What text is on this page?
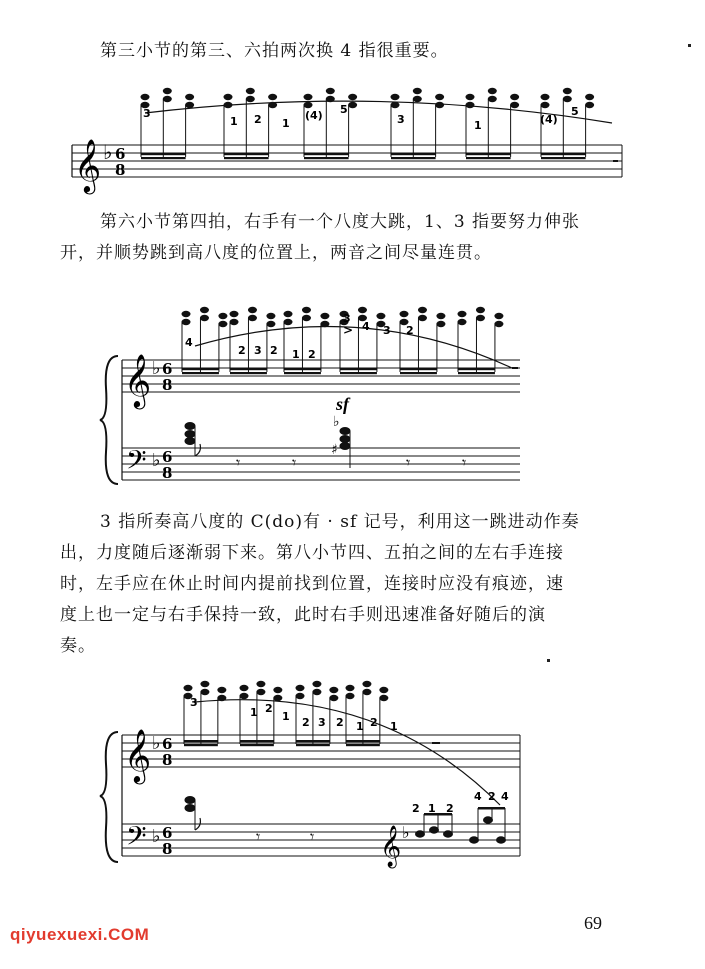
第三小节的第三、六拍两次换 4 指很重要。
𝄞 ♭ 6
8
3
1 2 1
(4) 5
3	1	(4)
5
第六小节第四拍，右手有一个八度大跳，1、3 指要努力伸张
开，并顺势跳到高八度的位置上，两音之间尽量连贯。
𝄞
𝄢
♭
♭
6
8
6
8
4
2 3 2 1 2
3
4 3 2
>
sf
♭
♯
𝄾	𝄾	𝄾	𝄾
3 指所奏高八度的 C(do)有 · sf 记号，利用这一跳进动作奏
出，力度随后逐渐弱下来。第八小节四、五拍之间的左右手连接
时，左手应在休止时间内提前找到位置，连接时应没有痕迹，速
度上也一定与右手保持一致，此时右手则迅速准备好随后的演
奏。
𝄞
𝄢
♭
♭
6
8
6
8
3
1 2
1 2 3 2 1 2 1
𝄾	𝄾 𝄞 ♭
2 1 2
4 2 4
69
qiyuexuexi.COM
